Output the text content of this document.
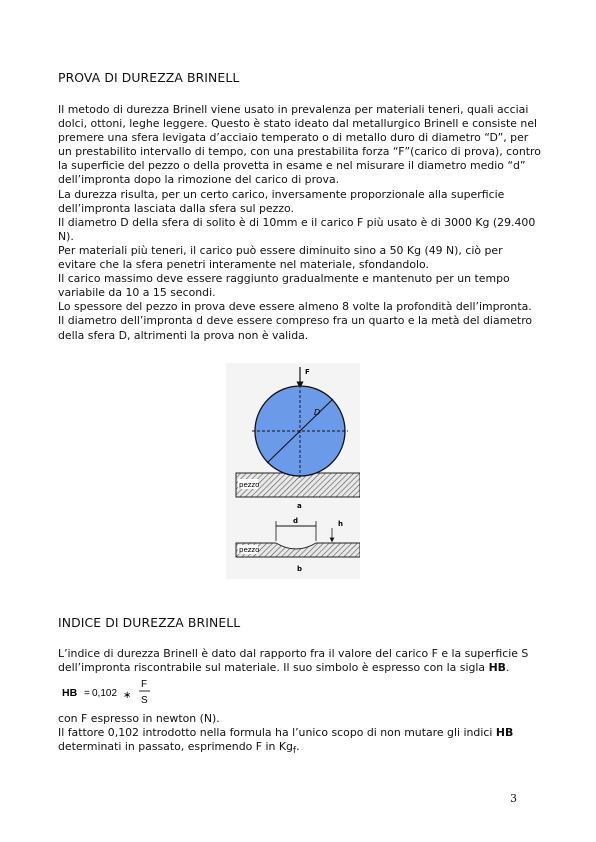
PROVA DI DUREZZA BRINELL

Il metodo di durezza Brinell viene usato in prevalenza per materiali teneri, quali acciai
dolci, ottoni, leghe leggere. Questo è stato ideato dal metallurgico Brinell e consiste nel
premere una sfera levigata d’acciaio temperato o di metallo duro di diametro “D”, per
un prestabilito intervallo di tempo, con una prestabilita forza “F”(carico di prova), contro
la superficie del pezzo o della provetta in esame e nel misurare il diametro medio “d”
dell’impronta dopo la rimozione del carico di prova.

La durezza risulta, per un certo carico, inversamente proporzionale alla superficie
dell’impronta lasciata dalla sfera sul pezzo.

Il diametro D della sfera di solito è di 10mm e il carico F più usato è di 3000 Kg (29.400
N).

Per materiali più teneri, il carico può essere diminuito sino a 50 Kg (49 N), ciò per
evitare che la sfera penetri interamente nel materiale, sfondandolo.

Il carico massimo deve essere raggiunto gradualmente e mantenuto per un tempo
variabile da 10 a 15 secondi.

Lo spessore del pezzo in prova deve essere almeno 8 volte la profondità dell’impronta.

Il diametro dell’impronta d deve essere compreso fra un quarto e la metà del diametro
della sfera D, altrimenti la prova non è valida.

F
pezzo
D
a
d	h
pezzo
b
INDICE DI DUREZZA BRINELL

L’indice di durezza Brinell è dato dal rapporto fra il valore del carico F e la superficie S
dell’impronta riscontrabile sul materiale. Il suo simbolo è espresso con la sigla HB.

HB = 0,102 ∗
F
S

con F espresso in newton (N).

Il fattore 0,102 introdotto nella formula ha l’unico scopo di non mutare gli indici HB
determinati in passato, esprimendo F in $Kg_f$.

3
